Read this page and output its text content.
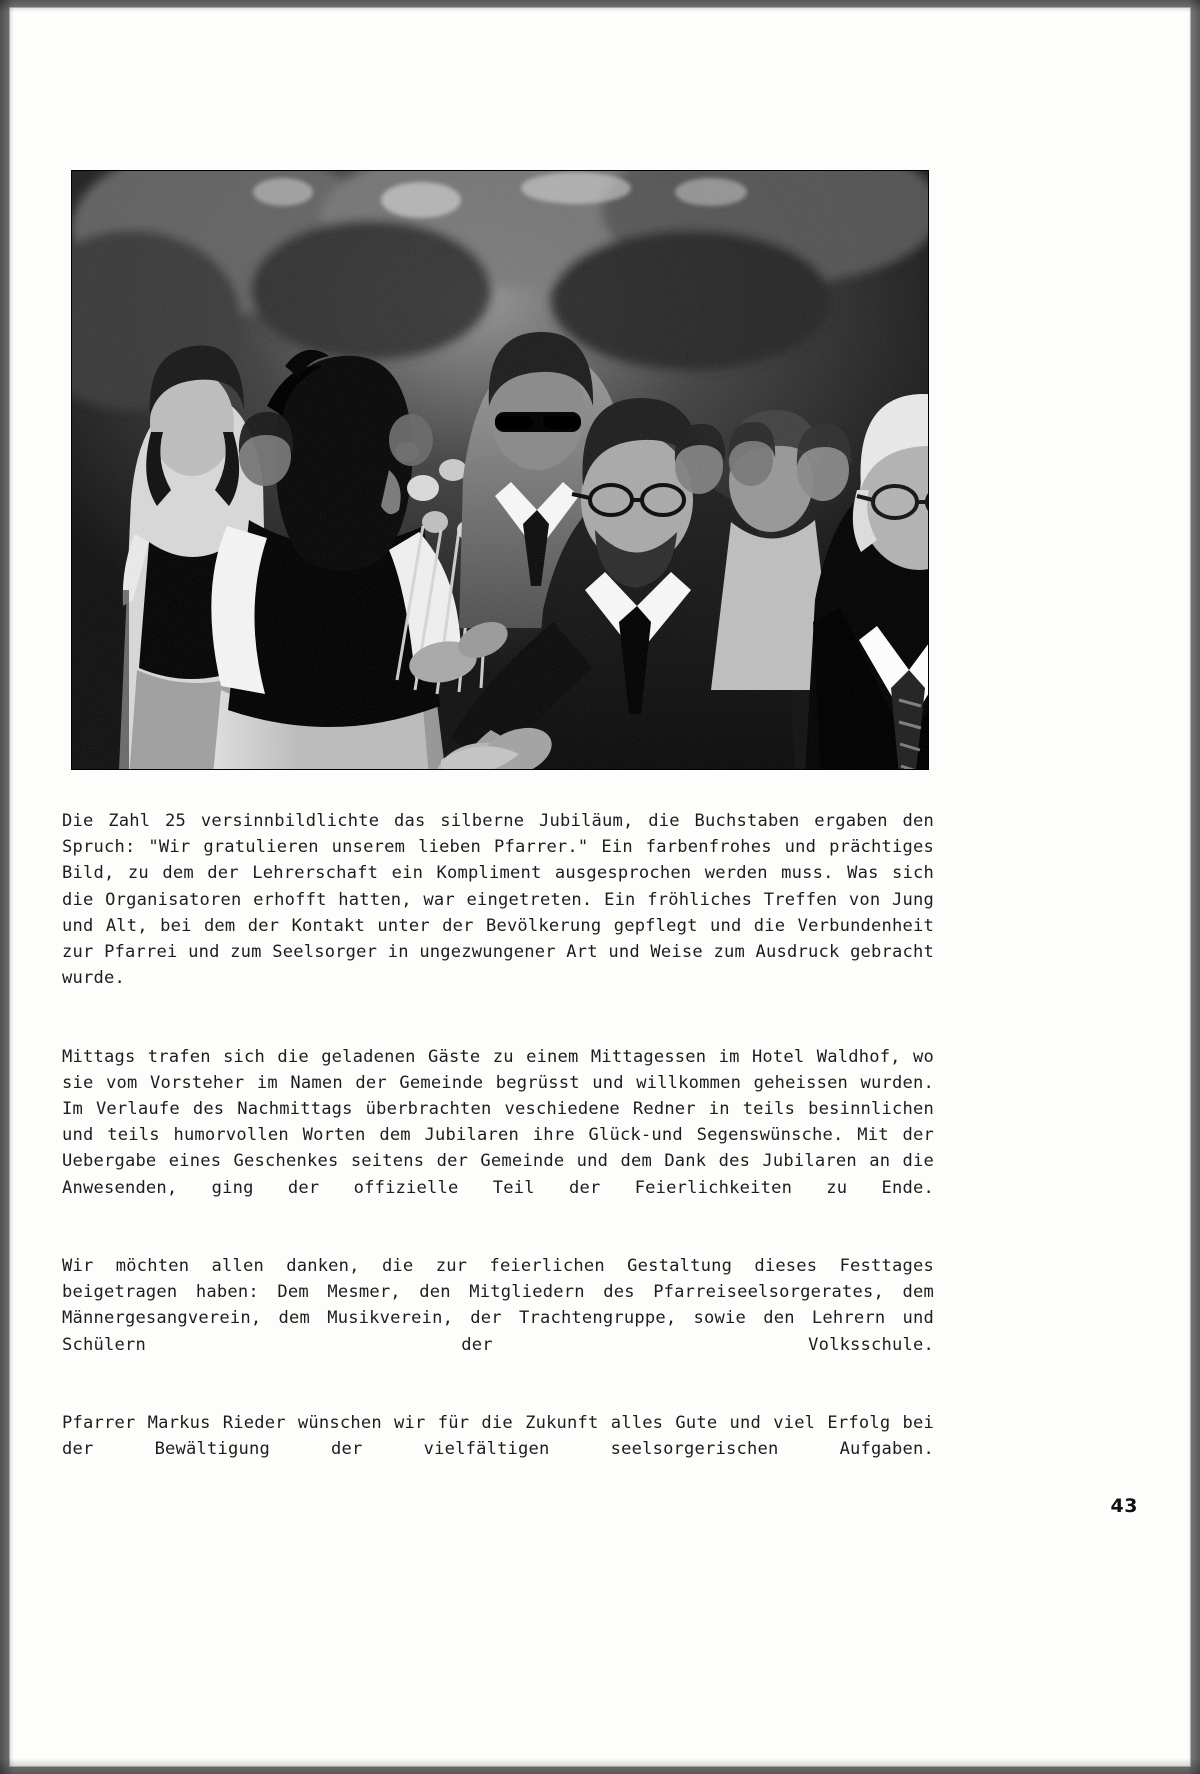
Die Zahl 25 versinnbildlichte das silberne Jubiläum, die Buchstaben ergaben den Spruch: "Wir gratulieren unserem lieben Pfarrer." Ein farbenfrohes und prächtiges Bild, zu dem der Lehrerschaft ein Kompliment ausgesprochen werden muss. Was sich die Organisatoren erhofft hatten, war eingetreten. Ein fröhliches Treffen von Jung und Alt, bei dem der Kontakt unter der Bevölkerung gepflegt und die Verbundenheit zur Pfarrei und zum Seelsorger in ungezwungener Art und Weise zum Ausdruck gebracht wurde.

Mittags trafen sich die geladenen Gäste zu einem Mittagessen im Hotel Waldhof, wo sie vom Vorsteher im Namen der Gemeinde begrüsst und willkommen geheissen wurden. Im Verlaufe des Nachmittags überbrachten veschiedene Redner in teils besinnlichen und teils humorvollen Worten dem Jubilaren ihre Glück-und Segenswünsche. Mit der Uebergabe eines Geschenkes seitens der Gemeinde und dem Dank des Jubilaren an die Anwesenden, ging der offizielle Teil der Feierlichkeiten zu Ende.

Wir möchten allen danken, die zur feierlichen Gestaltung dieses Festtages beigetragen haben: Dem Mesmer, den Mitgliedern des Pfarreiseelsorgerates, dem Männergesangverein, dem Musikverein, der Trachtengruppe, sowie den Lehrern und Schülern der Volksschule.

Pfarrer Markus Rieder wünschen wir für die Zukunft alles Gute und viel Erfolg bei der Bewältigung der vielfältigen seelsorgerischen Aufgaben.

43
